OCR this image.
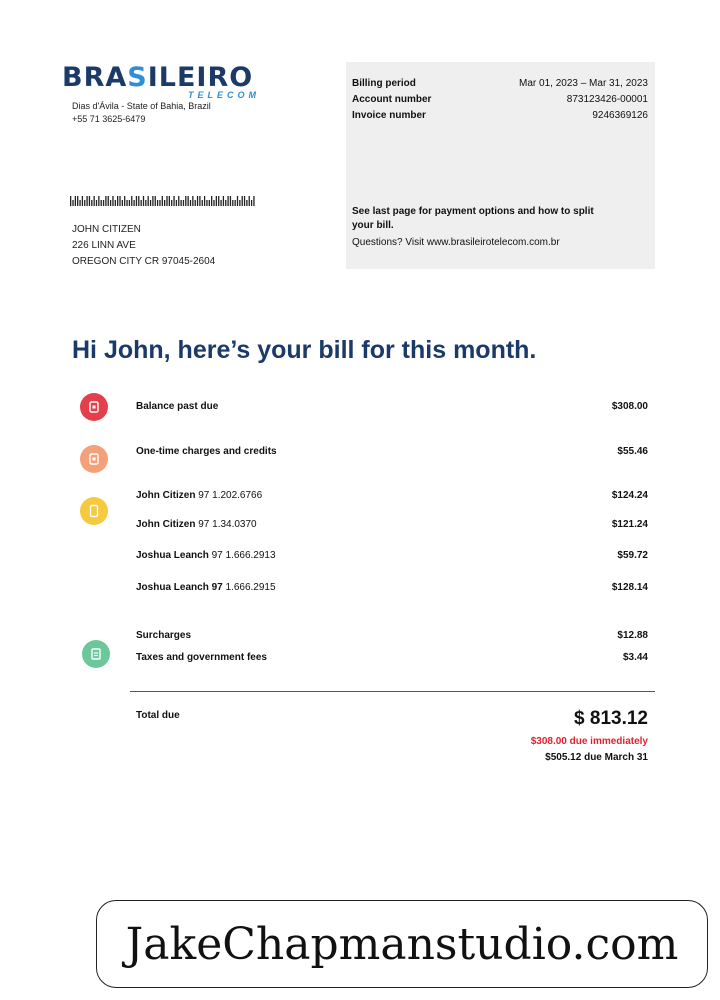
BRASILEIRO
TELECOM
Dias d'Ávila - State of Bahia, Brazil
+55 71 3625-6479
JOHN CITIZEN
226 LINN AVE
OREGON CITY CR 97045-2604
Billing period	Mar 01, 2023 – Mar 31, 2023
Account number	873123426-00001
Invoice number	9246369126
See last page for payment options and how to split your bill.
Questions? Visit www.brasileirotelecom.com.br
Hi John, here’s your bill for this month.
Balance past due	$308.00
One-time charges and credits	$55.46
John Citizen 97 1.202.6766	$124.24
John Citizen 97 1.34.0370	$121.24
Joshua Leanch 97 1.666.2913	$59.72
Joshua Leanch 97 1.666.2915	$128.14
Surcharges	$12.88
Taxes and government fees	$3.44
Total due	$ 813.12
$308.00 due immediately
$505.12 due March 31
JakeChapmanstudio.com
